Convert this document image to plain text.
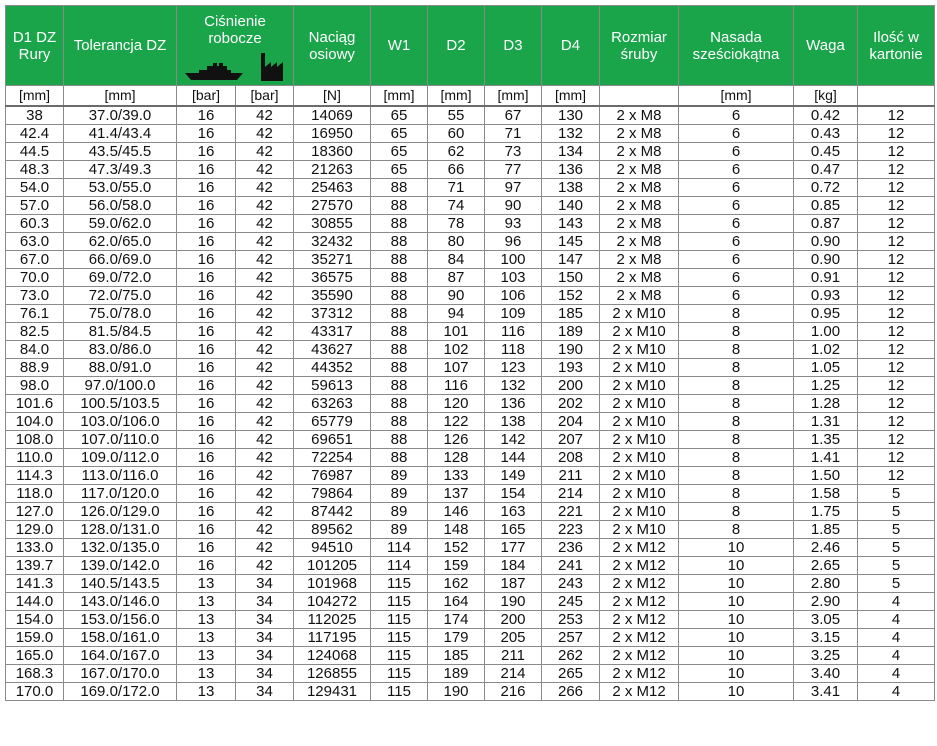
D1 DZ Rury	Tolerancja DZ	Ciśnienie robocze		Naciąg osiowy	W1	D2	D3	D4	Rozmiar śruby	Nasada sześciokątna	Waga	Ilość w kartonie
[mm]	[mm]	[bar]	[bar]	[N]	[mm]	[mm]	[mm]	[mm]		[mm]	[kg]	
38	37.0/39.0	16	42	14069	65	55	67	130	2 x M8	6	0.42	12
42.4	41.4/43.4	16	42	16950	65	60	71	132	2 x M8	6	0.43	12
44.5	43.5/45.5	16	42	18360	65	62	73	134	2 x M8	6	0.45	12
48.3	47.3/49.3	16	42	21263	65	66	77	136	2 x M8	6	0.47	12
54.0	53.0/55.0	16	42	25463	88	71	97	138	2 x M8	6	0.72	12
57.0	56.0/58.0	16	42	27570	88	74	90	140	2 x M8	6	0.85	12
60.3	59.0/62.0	16	42	30855	88	78	93	143	2 x M8	6	0.87	12
63.0	62.0/65.0	16	42	32432	88	80	96	145	2 x M8	6	0.90	12
67.0	66.0/69.0	16	42	35271	88	84	100	147	2 x M8	6	0.90	12
70.0	69.0/72.0	16	42	36575	88	87	103	150	2 x M8	6	0.91	12
73.0	72.0/75.0	16	42	35590	88	90	106	152	2 x M8	6	0.93	12
76.1	75.0/78.0	16	42	37312	88	94	109	185	2 x M10	8	0.95	12
82.5	81.5/84.5	16	42	43317	88	101	116	189	2 x M10	8	1.00	12
84.0	83.0/86.0	16	42	43627	88	102	118	190	2 x M10	8	1.02	12
88.9	88.0/91.0	16	42	44352	88	107	123	193	2 x M10	8	1.05	12
98.0	97.0/100.0	16	42	59613	88	116	132	200	2 x M10	8	1.25	12
101.6	100.5/103.5	16	42	63263	88	120	136	202	2 x M10	8	1.28	12
104.0	103.0/106.0	16	42	65779	88	122	138	204	2 x M10	8	1.31	12
108.0	107.0/110.0	16	42	69651	88	126	142	207	2 x M10	8	1.35	12
110.0	109.0/112.0	16	42	72254	88	128	144	208	2 x M10	8	1.41	12
114.3	113.0/116.0	16	42	76987	89	133	149	211	2 x M10	8	1.50	12
118.0	117.0/120.0	16	42	79864	89	137	154	214	2 x M10	8	1.58	5
127.0	126.0/129.0	16	42	87442	89	146	163	221	2 x M10	8	1.75	5
129.0	128.0/131.0	16	42	89562	89	148	165	223	2 x M10	8	1.85	5
133.0	132.0/135.0	16	42	94510	114	152	177	236	2 x M12	10	2.46	5
139.7	139.0/142.0	16	42	101205	114	159	184	241	2 x M12	10	2.65	5
141.3	140.5/143.5	13	34	101968	115	162	187	243	2 x M12	10	2.80	5
144.0	143.0/146.0	13	34	104272	115	164	190	245	2 x M12	10	2.90	4
154.0	153.0/156.0	13	34	112025	115	174	200	253	2 x M12	10	3.05	4
159.0	158.0/161.0	13	34	117195	115	179	205	257	2 x M12	10	3.15	4
165.0	164.0/167.0	13	34	124068	115	185	211	262	2 x M12	10	3.25	4
168.3	167.0/170.0	13	34	126855	115	189	214	265	2 x M12	10	3.40	4
170.0	169.0/172.0	13	34	129431	115	190	216	266	2 x M12	10	3.41	4
